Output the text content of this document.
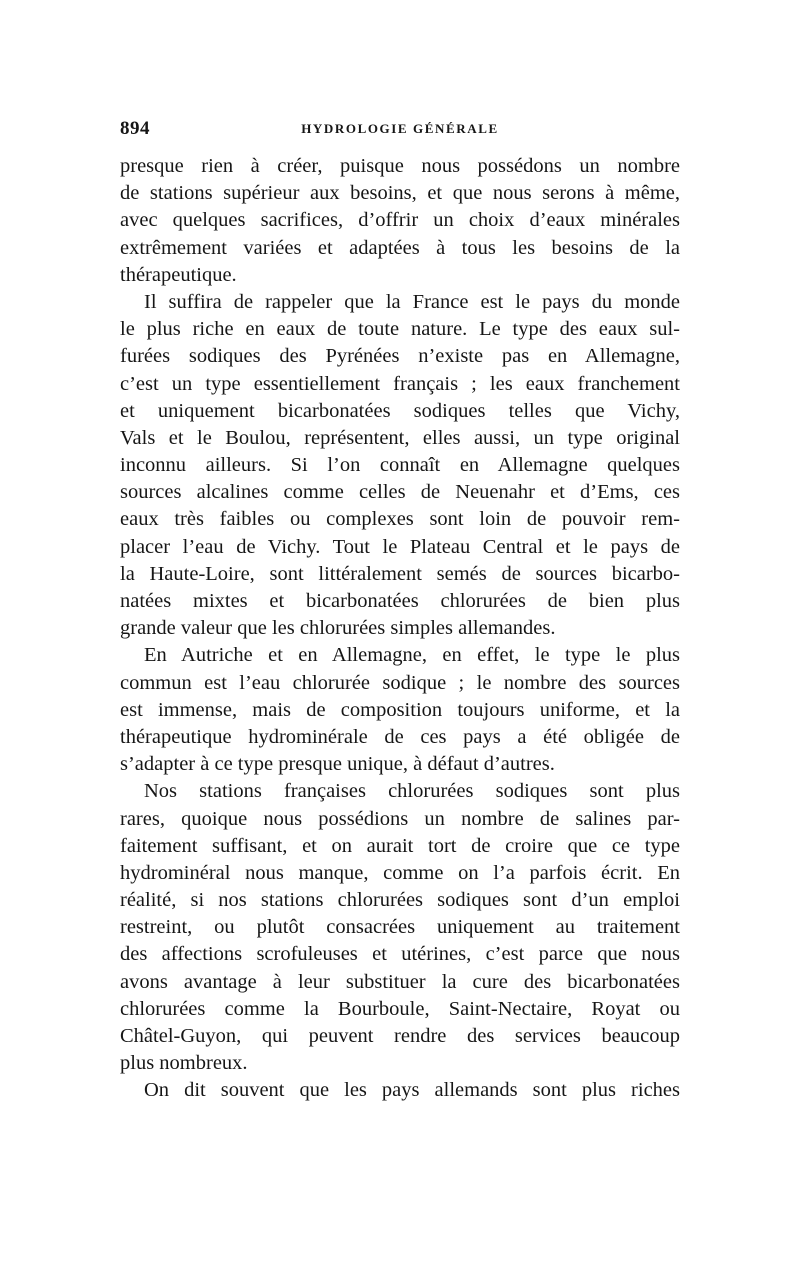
894	HYDROLOGIE GÉNÉRALE
presque rien à créer, puisque nous possédons un nombre
de stations supérieur aux besoins, et que nous serons à même,
avec quelques sacrifices, d’offrir un choix d’eaux minérales
extrêmement variées et adaptées à tous les besoins de la
thérapeutique.
Il suffira de rappeler que la France est le pays du monde
le plus riche en eaux de toute nature. Le type des eaux sul-
furées sodiques des Pyrénées n’existe pas en Allemagne,
c’est un type essentiellement français ; les eaux franchement
et uniquement bicarbonatées sodiques telles que Vichy,
Vals et le Boulou, représentent, elles aussi, un type original
inconnu ailleurs. Si l’on connaît en Allemagne quelques
sources alcalines comme celles de Neuenahr et d’Ems, ces
eaux très faibles ou complexes sont loin de pouvoir rem-
placer l’eau de Vichy. Tout le Plateau Central et le pays de
la Haute-Loire, sont littéralement semés de sources bicarbo-
natées mixtes et bicarbonatées chlorurées de bien plus
grande valeur que les chlorurées simples allemandes.
En Autriche et en Allemagne, en effet, le type le plus
commun est l’eau chlorurée sodique ; le nombre des sources
est immense, mais de composition toujours uniforme, et la
thérapeutique hydrominérale de ces pays a été obligée de
s’adapter à ce type presque unique, à défaut d’autres.
Nos stations françaises chlorurées sodiques sont plus
rares, quoique nous possédions un nombre de salines par-
faitement suffisant, et on aurait tort de croire que ce type
hydrominéral nous manque, comme on l’a parfois écrit. En
réalité, si nos stations chlorurées sodiques sont d’un emploi
restreint, ou plutôt consacrées uniquement au traitement
des affections scrofuleuses et utérines, c’est parce que nous
avons avantage à leur substituer la cure des bicarbonatées
chlorurées comme la Bourboule, Saint-Nectaire, Royat ou
Châtel-Guyon, qui peuvent rendre des services beaucoup
plus nombreux.
On dit souvent que les pays allemands sont plus riches
